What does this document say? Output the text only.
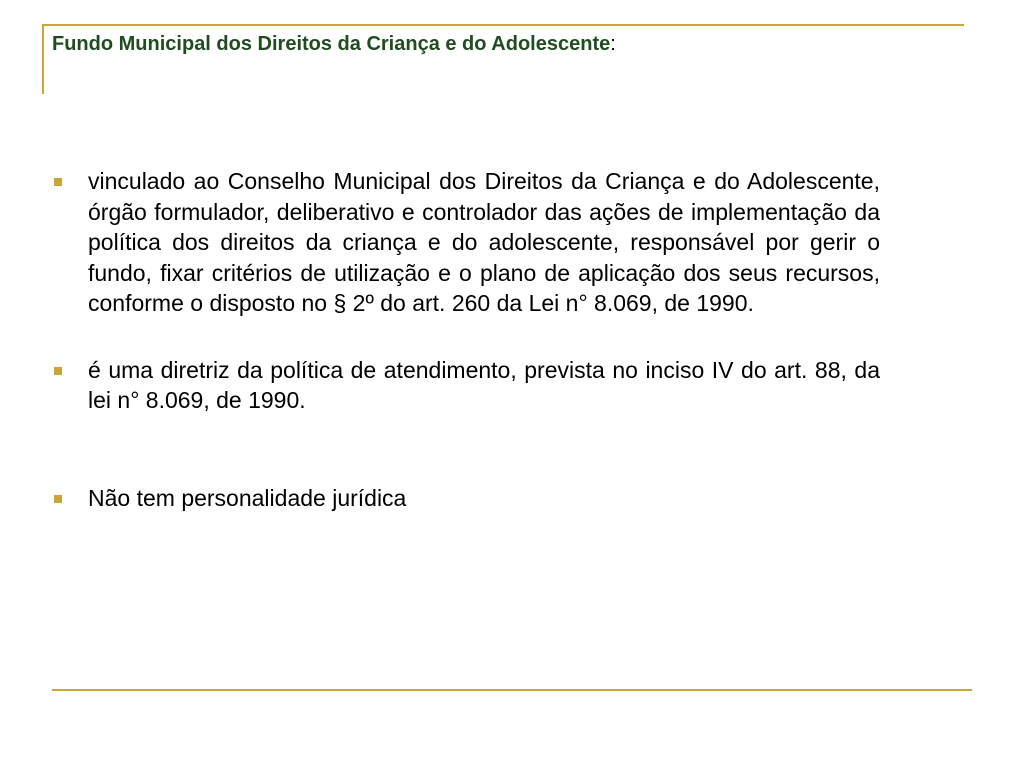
Fundo Municipal dos Direitos da Criança e do Adolescente:
vinculado ao Conselho Municipal dos Direitos da Criança e do Adolescente, órgão formulador, deliberativo e controlador das ações de implementação da política dos direitos da criança e do adolescente, responsável por gerir o fundo, fixar critérios de utilização e o plano de aplicação dos seus recursos, conforme o disposto no § 2º do art. 260 da Lei n° 8.069, de 1990.
é uma diretriz da política de atendimento, prevista no inciso IV do art. 88, da lei n° 8.069, de 1990.
Não tem personalidade jurídica
